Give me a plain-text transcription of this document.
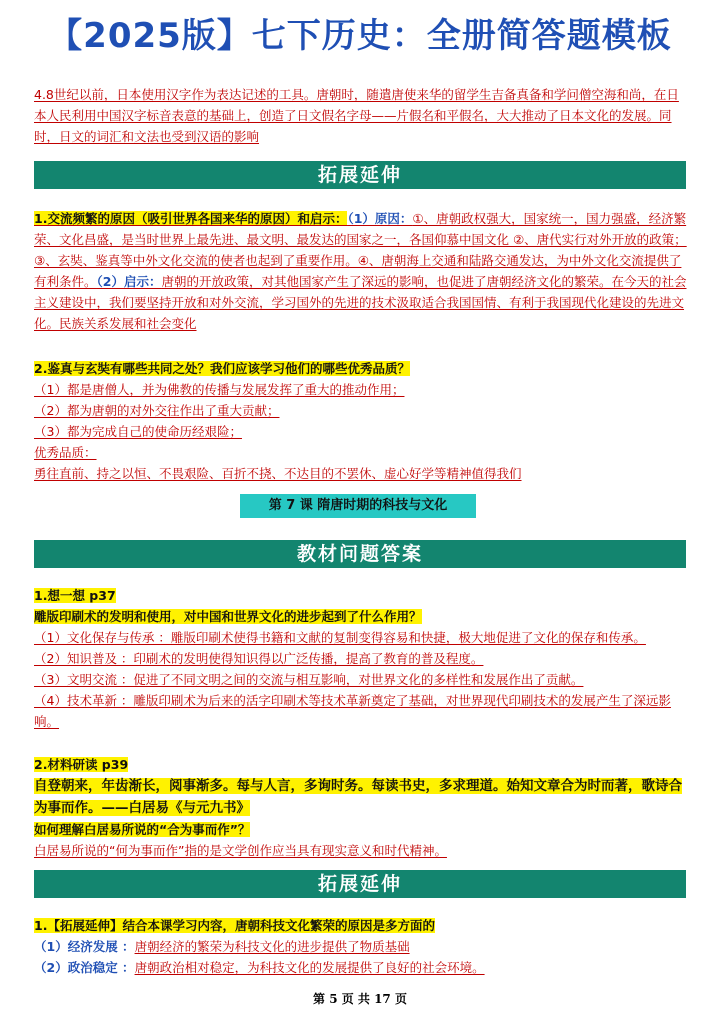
【2025版】七下历史：全册简答题模板
4.8世纪以前，日本使用汉字作为表达记述的工具。唐朝时，随遣唐使来华的留学生吉备真备和学问僧空海和尚，在日本人民利用中国汉字标音表意的基础上，创造了日文假名字母——片假名和平假名，大大推动了日本文化的发展。同时，日文的词汇和文法也受到汉语的影响
拓展延伸
1.交流频繁的原因（吸引世界各国来华的原因）和启示：（1）原因：①、唐朝政权强大，国家统一，国力强盛，经济繁荣、文化昌盛，是当时世界上最先进、最文明、最发达的国家之一，各国仰慕中国文化 ②、唐代实行对外开放的政策；③、玄奘、鉴真等中外文化交流的使者也起到了重要作用。④、唐朝海上交通和陆路交通发达，为中外文化交流提供了有利条件。（2）启示：唐朝的开放政策，对其他国家产生了深远的影响，也促进了唐朝经济文化的繁荣。在今天的社会主义建设中，我们要坚持开放和对外交流，学习国外的先进的技术汲取适合我国国情、有利于我国现代化建设的先进文化。民族关系发展和社会变化
2.鉴真与玄奘有哪些共同之处？我们应该学习他们的哪些优秀品质？
（1）都是唐僧人，并为佛教的传播与发展发挥了重大的推动作用；
（2）都为唐朝的对外交往作出了重大贡献；
（3）都为完成自己的使命历经艰险；
优秀品质：
勇往直前、持之以恒、不畏艰险、百折不挠、不达目的不罢休、虚心好学等精神值得我们
第 7 课 隋唐时期的科技与文化
教材问题答案
1.想一想 p37
雕版印刷术的发明和使用，对中国和世界文化的进步起到了什么作用？
（1）文化保存与传承 ：雕版印刷术使得书籍和文献的复制变得容易和快捷，极大地促进了文化的保存和传承。
（2）知识普及 ：印刷术的发明使得知识得以广泛传播，提高了教育的普及程度。
（3）文明交流 ：促进了不同文明之间的交流与相互影响，对世界文化的多样性和发展作出了贡献。
（4）技术革新 ：雕版印刷术为后来的活字印刷术等技术革新奠定了基础，对世界现代印刷技术的发展产生了深远影响。
2.材料研读 p39
自登朝来，年齿渐长，阅事渐多。每与人言，多询时务。每读书史，多求理道。始知文章合为时而著，歌诗合为事而作。——白居易《与元九书》
如何理解白居易所说的“合为事而作”？
白居易所说的“何为事而作”指的是文学创作应当具有现实意义和时代精神。
拓展延伸
1.【拓展延伸】结合本课学习内容，唐朝科技文化繁荣的原因是多方面的
（1）经济发展 ：唐朝经济的繁荣为科技文化的进步提供了物质基础
（2）政治稳定 ：唐朝政治相对稳定，为科技文化的发展提供了良好的社会环境。
第 5 页 共 17 页
